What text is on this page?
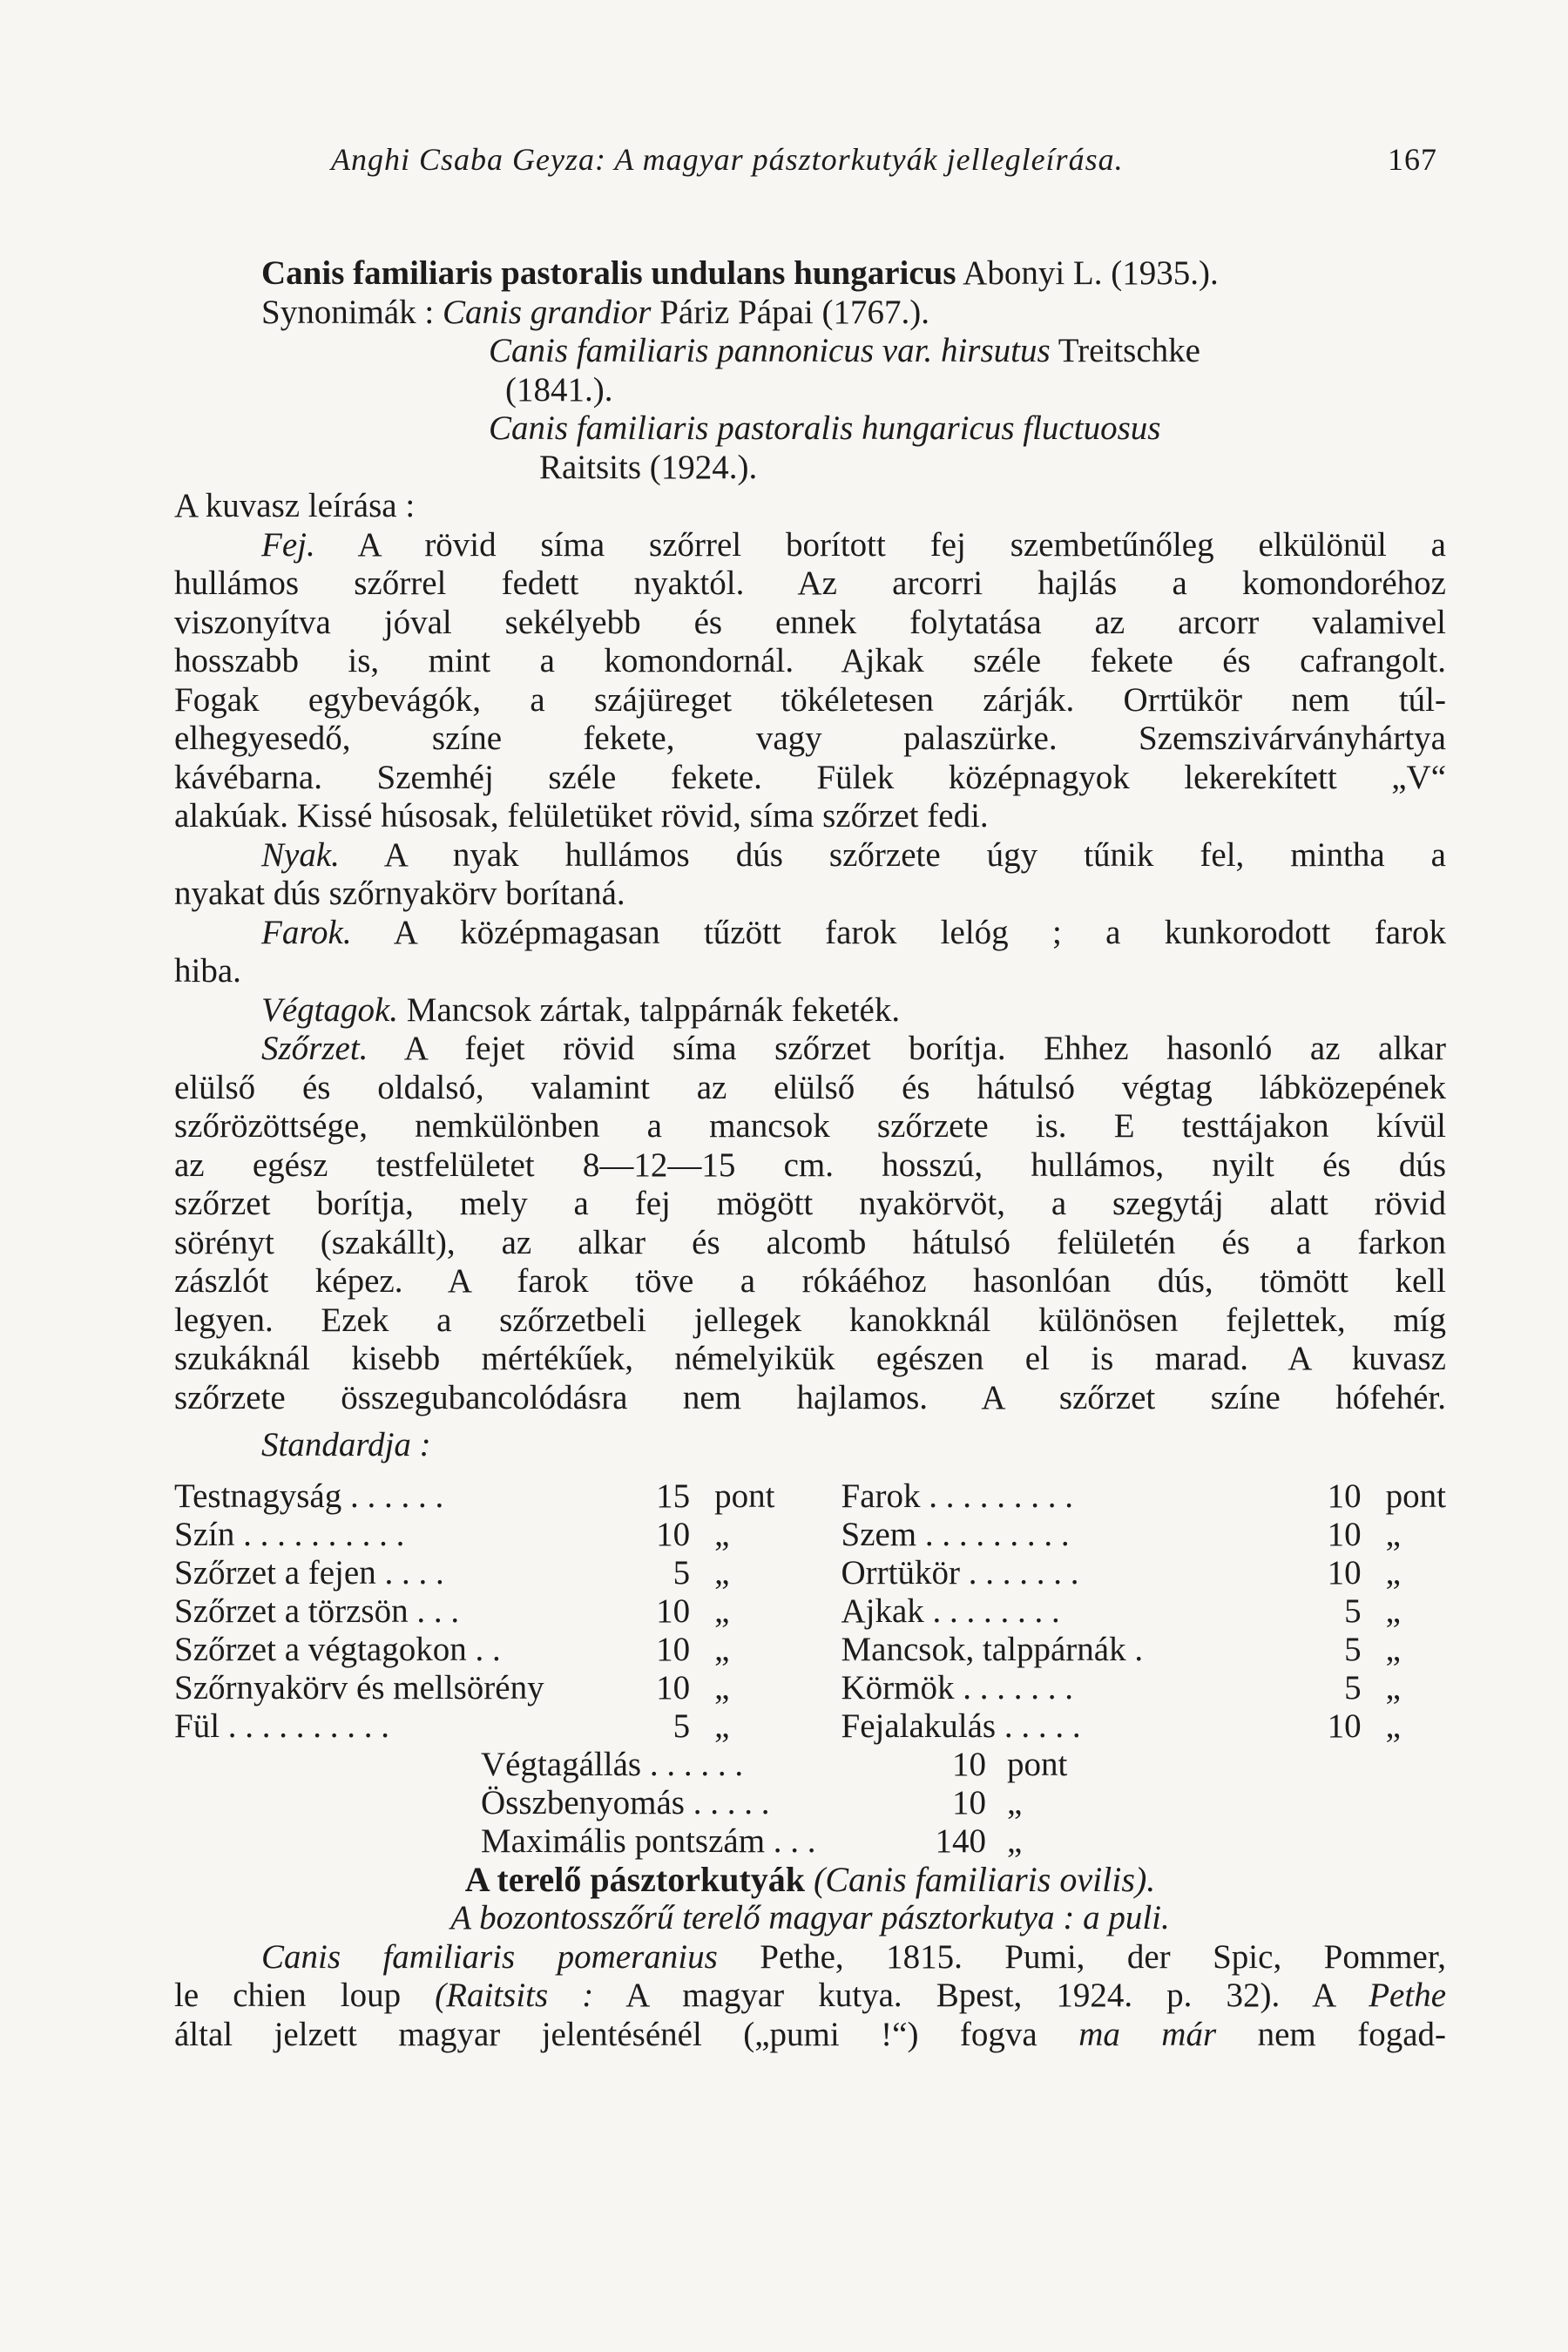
Anghi Csaba Geyza: A magyar pásztorkutyák jellegleírása.	167
Canis familiaris pastoralis undulans hungaricus Abonyi L. (1935.).
Synonimák : Canis grandior Páriz Pápai (1767.).
Canis familiaris pannonicus var. hirsutus Treitschke
(1841.).
Canis familiaris pastoralis hungaricus fluctuosus
Raitsits (1924.).
A kuvasz leírása :
Fej. A rövid síma szőrrel borított fej szembetűnőleg elkülönül a
hullámos szőrrel fedett nyaktól. Az arcorri hajlás a komondoréhoz
viszonyítva jóval sekélyebb és ennek folytatása az arcorr valamivel
hosszabb is, mint a komondornál. Ajkak széle fekete és cafrangolt.
Fogak egybevágók, a szájüreget tökéletesen zárják. Orrtükör nem túl-
elhegyesedő, színe fekete, vagy palaszürke. Szemszivárványhártya
kávébarna. Szemhéj széle fekete. Fülek középnagyok lekerekített „V“
alakúak. Kissé húsosak, felületüket rövid, síma szőrzet fedi.
Nyak. A nyak hullámos dús szőrzete úgy tűnik fel, mintha a
nyakat dús szőrnyakörv borítaná.
Farok. A középmagasan tűzött farok lelóg ; a kunkorodott farok
hiba.
Végtagok. Mancsok zártak, talppárnák feketék.
Szőrzet. A fejet rövid síma szőrzet borítja. Ehhez hasonló az alkar
elülső és oldalsó, valamint az elülső és hátulsó végtag lábközepének
szőrözöttsége, nemkülönben a mancsok szőrzete is. E testtájakon kívül
az egész testfelületet 8—12—15 cm. hosszú, hullámos, nyilt és dús
szőrzet borítja, mely a fej mögött nyakörvöt, a szegytáj alatt rövid
sörényt (szakállt), az alkar és alcomb hátulsó felületén és a farkon
zászlót képez. A farok töve a rókáéhoz hasonlóan dús, tömött kell
legyen. Ezek a szőrzetbeli jellegek kanokknál különösen fejlettek, míg
szukáknál kisebb mértékűek, némelyikük egészen el is marad. A kuvasz
szőrzete összegubancolódásra nem hajlamos. A szőrzet színe hófehér.
Standardja :
Testnagyság . . . . . .	15	pont	Farok . . . . . . . . .	10	pont
Szín . . . . . . . . . .	10	„	Szem . . . . . . . . .	10	„
Szőrzet a fejen . . . .	5	„	Orrtükör . . . . . . .	10	„
Szőrzet a törzsön . . .	10	„	Ajkak . . . . . . . .	5	„
Szőrzet a végtagokon . .	10	„	Mancsok, talppárnák .	5	„
Szőrnyakörv és mellsörény	10	„	Körmök . . . . . . .	5	„
Fül . . . . . . . . . .	5	„	Fejalakulás . . . . .	10	„
Végtagállás . . . . . .	10	pont
Összbenyomás . . . . .	10	„
Maximális pontszám . . .	140	„
A terelő pásztorkutyák (Canis familiaris ovilis).
A bozontosszőrű terelő magyar pásztorkutya : a puli.
Canis familiaris pomeranius Pethe, 1815. Pumi, der Spic, Pommer,
le chien loup (Raitsits : A magyar kutya. Bpest, 1924. p. 32). A Pethe
által jelzett magyar jelentésénél („pumi !“) fogva ma már nem fogad-
